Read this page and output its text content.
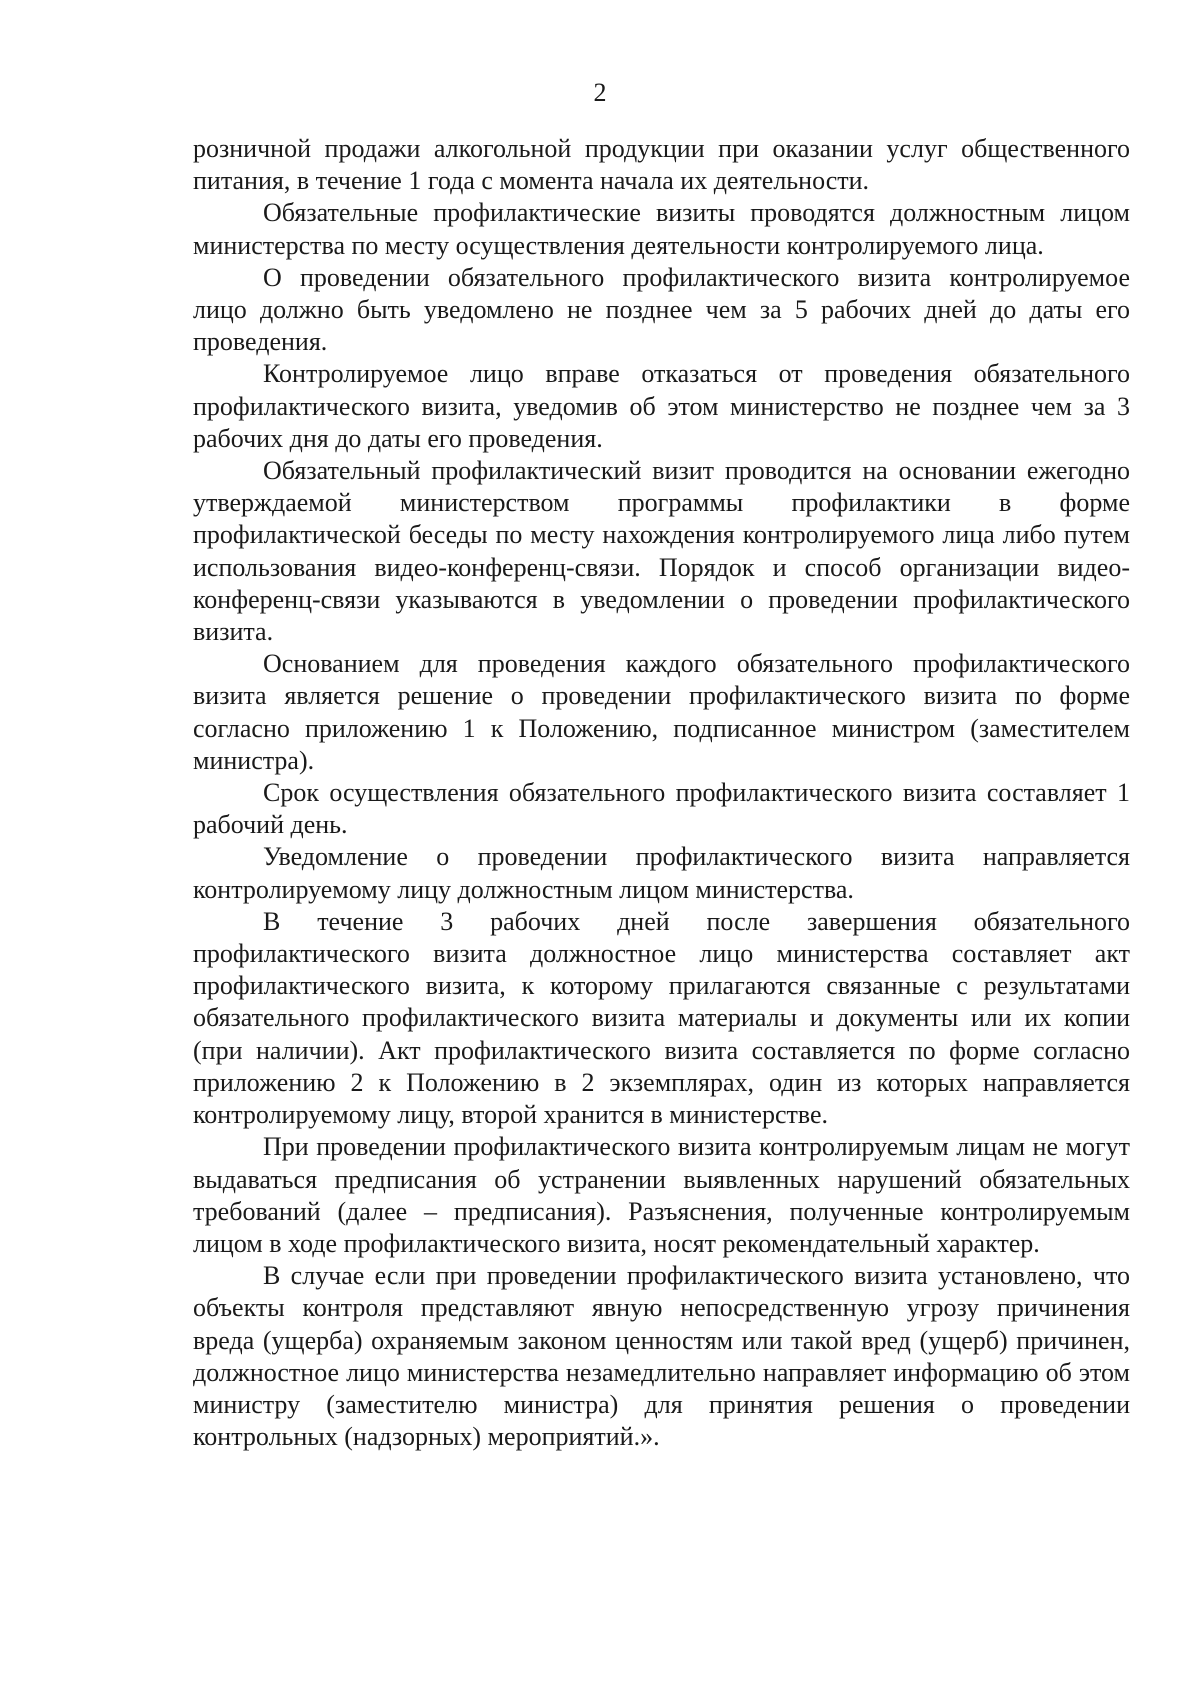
2

розничной продажи алкогольной продукции при оказании услуг общественного питания, в течение 1 года с момента начала их деятельности.

Обязательные профилактические визиты проводятся должностным лицом министерства по месту осуществления деятельности контролируемого лица.

О проведении обязательного профилактического визита контролируемое лицо должно быть уведомлено не позднее чем за 5 рабочих дней до даты его проведения.

Контролируемое лицо вправе отказаться от проведения обязательного профилактического визита, уведомив об этом министерство не позднее чем за 3 рабочих дня до даты его проведения.

Обязательный профилактический визит проводится на основании ежегодно утверждаемой министерством программы профилактики в форме профилактической беседы по месту нахождения контролируемого лица либо путем использования видео-конференц-связи. Порядок и способ организации видео-конференц-связи указываются в уведомлении о проведении профилактического визита.

Основанием для проведения каждого обязательного профилактического визита является решение о проведении профилактического визита по форме согласно приложению 1 к Положению, подписанное министром (заместителем министра).

Срок осуществления обязательного профилактического визита составляет 1 рабочий день.

Уведомление о проведении профилактического визита направляется контролируемому лицу должностным лицом министерства.

В течение 3 рабочих дней после завершения обязательного профилактического визита должностное лицо министерства составляет акт профилактического визита, к которому прилагаются связанные с результатами обязательного профилактического визита материалы и документы или их копии (при наличии). Акт профилактического визита составляется по форме согласно приложению 2 к Положению в 2 экземплярах, один из которых направляется контролируемому лицу, второй хранится в министерстве.

При проведении профилактического визита контролируемым лицам не могут выдаваться предписания об устранении выявленных нарушений обязательных требований (далее – предписания). Разъяснения, полученные контролируемым лицом в ходе профилактического визита, носят рекомендательный характер.

В случае если при проведении профилактического визита установлено, что объекты контроля представляют явную непосредственную угрозу причинения вреда (ущерба) охраняемым законом ценностям или такой вред (ущерб) причинен, должностное лицо министерства незамедлительно направляет информацию об этом министру (заместителю министра) для принятия решения о проведении контрольных (надзорных) мероприятий.».
